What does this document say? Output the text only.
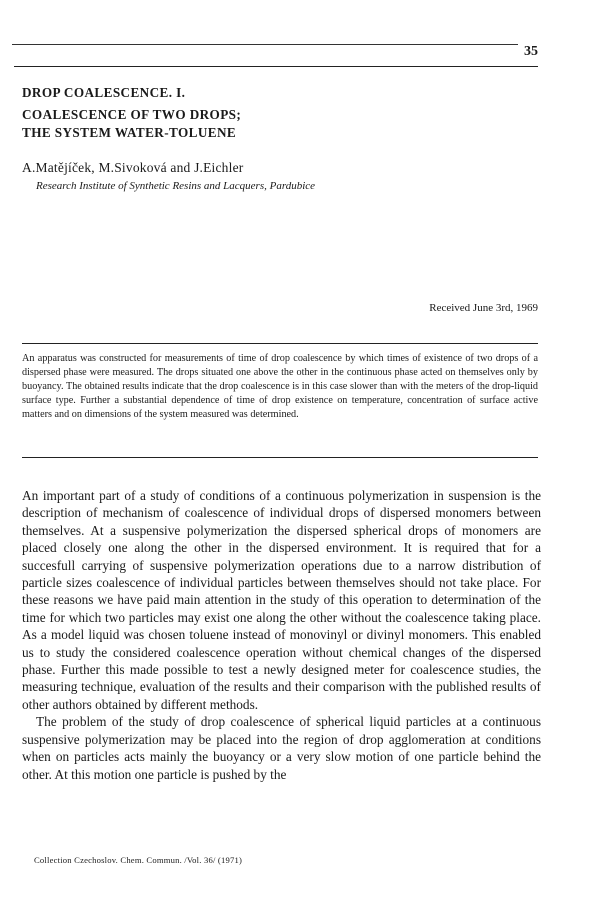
35
DROP COALESCENCE. I.
COALESCENCE OF TWO DROPS;
THE SYSTEM WATER-TOLUENE
A.Matějíček, M.Sivoková and J.Eichler
Research Institute of Synthetic Resins and Lacquers, Pardubice
Received June 3rd, 1969
An apparatus was constructed for measurements of time of drop coalescence by which times of existence of two drops of a dispersed phase were measured. The drops situated one above the other in the continuous phase acted on themselves only by buoyancy. The obtained results indicate that the drop coalescence is in this case slower than with the meters of the drop-liquid surface type. Further a substantial dependence of time of drop existence on temperature, concentration of surface active matters and on dimensions of the system measured was determined.

An important part of a study of conditions of a continuous polymerization in suspension is the description of mechanism of coalescence of individual drops of dispersed monomers between themselves. At a suspensive polymerization the dispersed spherical drops of monomers are placed closely one along the other in the dispersed environment. It is required that for a succesfull carrying of suspensive polymerization operations due to a narrow distribution of particle sizes coalescence of individual particles between themselves should not take place. For these reasons we have paid main attention in the study of this operation to determination of the time for which two particles may exist one along the other without the coalescence taking place. As a model liquid was chosen toluene instead of monovinyl or divinyl monomers. This enabled us to study the considered coalescence operation without chemical changes of the dispersed phase. Further this made possible to test a newly designed meter for coalescence studies, the measuring technique, evaluation of the results and their comparison with the published results of other authors obtained by different methods.

The problem of the study of drop coalescence of spherical liquid particles at a continuous suspensive polymerization may be placed into the region of drop agglomeration at conditions when on particles acts mainly the buoyancy or a very slow motion of one particle behind the other. At this motion one particle is pushed by the

Collection Czechoslov. Chem. Commun. /Vol. 36/ (1971)
